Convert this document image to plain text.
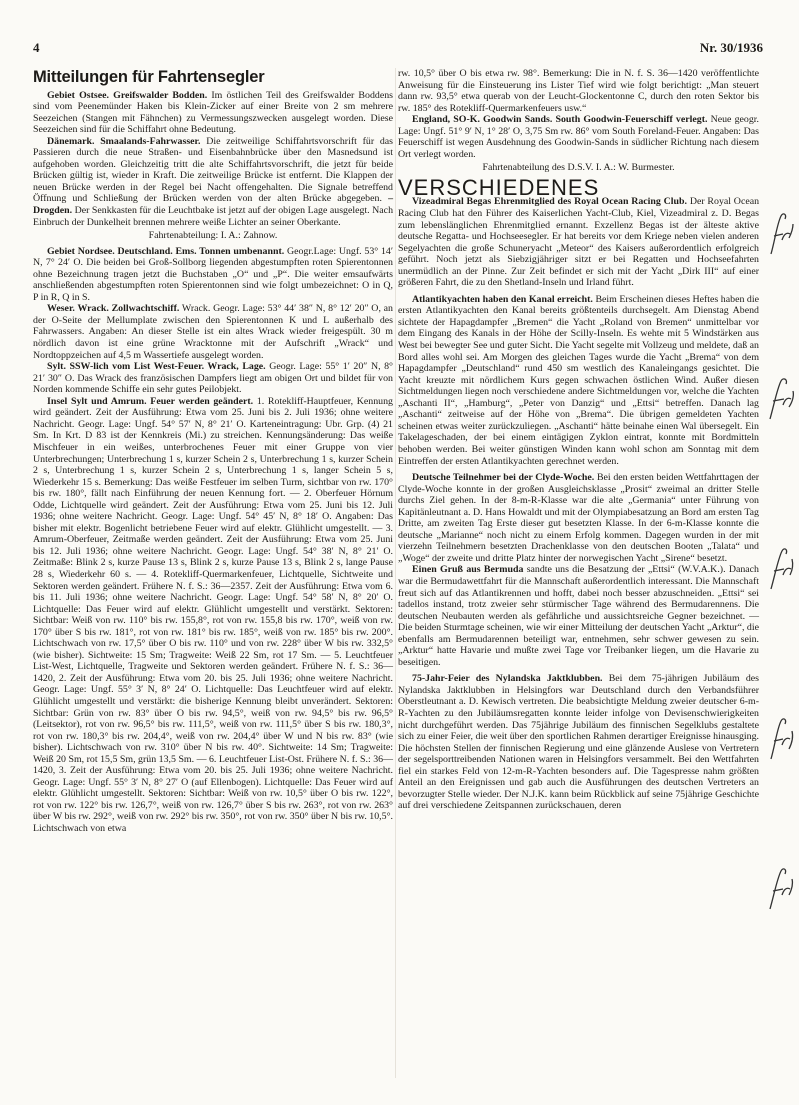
4	Nr. 30/1936
Mitteilungen für Fahrtensegler

Gebiet Ostsee. Greifswalder Bodden. Im östlichen Teil des Greifswalder Boddens sind vom Peenemünder Haken bis Klein-Zicker auf einer Breite von 2 sm mehrere Seezeichen (Stangen mit Fähnchen) zu Vermessungszwecken ausgelegt worden. Diese Seezeichen sind für die Schiffahrt ohne Bedeutung.

Dänemark. Smaalands-Fahrwasser. Die zeitweilige Schiffahrtsvorschrift für das Passieren durch die neue Straßen- und Eisenbahnbrücke über den Masnedsund ist aufgehoben worden. Gleichzeitig tritt die alte Schiffahrtsvorschrift, die jetzt für beide Brücken gültig ist, wieder in Kraft. Die zeitweilige Brücke ist entfernt. Die Klappen der neuen Brücke werden in der Regel bei Nacht offengehalten. Die Signale betreffend Öffnung und Schließung der Brücken werden von der alten Brücke abgegeben. – Drogden. Der Senkkasten für die Leuchtbake ist jetzt auf der obigen Lage ausgelegt. Nach Einbruch der Dunkelheit brennen mehrere weiße Lichter an seiner Oberkante.

Fahrtenabteilung: I. A.: Zahnow.

Gebiet Nordsee. Deutschland. Ems. Tonnen umbenannt. Geogr.Lage: Ungf. 53° 14′ N, 7° 24′ O. Die beiden bei Groß-Sollborg liegenden abgestumpften roten Spierentonnen ohne Bezeichnung tragen jetzt die Buchstaben „O“ und „P“. Die weiter emsaufwärts anschließenden abgestumpften roten Spierentonnen sind wie folgt umbezeichnet: O in Q, P in R, Q in S.

Weser. Wrack. Zollwachtschiff. Wrack. Geogr. Lage: 53° 44′ 38″ N, 8° 12′ 20″ O, an der O-Seite der Mellumplate zwischen den Spierentonnen K und L außerhalb des Fahrwassers. Angaben: An dieser Stelle ist ein altes Wrack wieder freigespült. 30 m nördlich davon ist eine grüne Wracktonne mit der Aufschrift „Wrack“ und Nordtoppzeichen auf 4,5 m Wassertiefe ausgelegt worden.

Sylt. SSW-lich vom List West-Feuer. Wrack, Lage. Geogr. Lage: 55° 1′ 20″ N, 8° 21′ 30″ O. Das Wrack des französischen Dampfers liegt am obigen Ort und bildet für von Norden kommende Schiffe ein sehr gutes Peilobjekt.

Insel Sylt und Amrum. Feuer werden geändert. 1. Rotekliff-Hauptfeuer, Kennung wird geändert. Zeit der Ausführung: Etwa vom 25. Juni bis 2. Juli 1936; ohne weitere Nachricht. Geogr. Lage: Ungf. 54° 57′ N, 8° 21′ O. Karteneintragung: Ubr. Grp. (4) 21 Sm. In Krt. D 83 ist der Kennkreis (Mi.) zu streichen. Kennungsänderung: Das weiße Mischfeuer in ein weißes, unterbrochenes Feuer mit einer Gruppe von vier Unterbrechungen; Unterbrechung 1 s, kurzer Schein 2 s, Unterbrechung 1 s, kurzer Schein 2 s, Unterbrechung 1 s, kurzer Schein 2 s, Unterbrechung 1 s, langer Schein 5 s, Wiederkehr 15 s. Bemerkung: Das weiße Festfeuer im selben Turm, sichtbar von rw. 170° bis rw. 180°, fällt nach Einführung der neuen Kennung fort. — 2. Oberfeuer Hörnum Odde, Lichtquelle wird geändert. Zeit der Ausführung: Etwa vom 25. Juni bis 12. Juli 1936; ohne weitere Nachricht. Geogr. Lage: Ungf. 54° 45′ N, 8° 18′ O. Angaben: Das bisher mit elektr. Bogenlicht betriebene Feuer wird auf elektr. Glühlicht umgestellt. — 3. Amrum-Oberfeuer, Zeitmaße werden geändert. Zeit der Ausführung: Etwa vom 25. Juni bis 12. Juli 1936; ohne weitere Nachricht. Geogr. Lage: Ungf. 54° 38′ N, 8° 21′ O. Zeitmaße: Blink 2 s, kurze Pause 13 s, Blink 2 s, kurze Pause 13 s, Blink 2 s, lange Pause 28 s, Wiederkehr 60 s. — 4. Rotekliff-Quermarkenfeuer, Lichtquelle, Sichtweite und Sektoren werden geändert. Frühere N. f. S.: 36—2357. Zeit der Ausführung: Etwa vom 6. bis 11. Juli 1936; ohne weitere Nachricht. Geogr. Lage: Ungf. 54° 58′ N, 8° 20′ O. Lichtquelle: Das Feuer wird auf elektr. Glühlicht umgestellt und verstärkt. Sektoren: Sichtbar: Weiß von rw. 110° bis rw. 155,8°, rot von rw. 155,8 bis rw. 170°, weiß von rw. 170° über S bis rw. 181°, rot von rw. 181° bis rw. 185°, weiß von rw. 185° bis rw. 200°. Lichtschwach von rw. 17,5° über O bis rw. 110° und von rw. 228° über W bis rw. 332,5° (wie bisher). Sichtweite: 15 Sm; Tragweite: Weiß 22 Sm, rot 17 Sm. — 5. Leuchtfeuer List-West, Lichtquelle, Tragweite und Sektoren werden geändert. Frühere N. f. S.: 36—1420, 2. Zeit der Ausführung: Etwa vom 20. bis 25. Juli 1936; ohne weitere Nachricht. Geogr. Lage: Ungf. 55° 3′ N, 8° 24′ O. Lichtquelle: Das Leuchtfeuer wird auf elektr. Glühlicht umgestellt und verstärkt: die bisherige Kennung bleibt unverändert. Sektoren: Sichtbar: Grün von rw. 83° über O bis rw. 94,5°, weiß von rw. 94,5° bis rw. 96,5° (Leitsektor), rot von rw. 96,5° bis rw. 111,5°, weiß von rw. 111,5° über S bis rw. 180,3°, rot von rw. 180,3° bis rw. 204,4°, weiß von rw. 204,4° über W und N bis rw. 83° (wie bisher). Lichtschwach von rw. 310° über N bis rw. 40°. Sichtweite: 14 Sm; Tragweite: Weiß 20 Sm, rot 15,5 Sm, grün 13,5 Sm. — 6. Leuchtfeuer List-Ost. Frühere N. f. S.: 36—1420, 3. Zeit der Ausführung: Etwa vom 20. bis 25. Juli 1936; ohne weitere Nachricht. Geogr. Lage: Ungf. 55° 3′ N, 8° 27′ O (auf Ellenbogen). Lichtquelle: Das Feuer wird auf elektr. Glühlicht umgestellt. Sektoren: Sichtbar: Weiß von rw. 10,5° über O bis rw. 122°, rot von rw. 122° bis rw. 126,7°, weiß von rw. 126,7° über S bis rw. 263°, rot von rw. 263° über W bis rw. 292°, weiß von rw. 292° bis rw. 350°, rot von rw. 350° über N bis rw. 10,5°. Lichtschwach von etwa

rw. 10,5° über O bis etwa rw. 98°. Bemerkung: Die in N. f. S. 36—1420 veröffentlichte Anweisung für die Einsteuerung ins Lister Tief wird wie folgt berichtigt: „Man steuert dann rw. 93,5° etwa querab von der Leucht-Glockentonne C, durch den roten Sektor bis rw. 185° des Rotekliff-Quermarkenfeuers usw.“

England, SO-K. Goodwin Sands. South Goodwin-Feuerschiff verlegt. Neue geogr. Lage: Ungf. 51° 9′ N, 1° 28′ O, 3,75 Sm rw. 86° vom South Foreland-Feuer. Angaben: Das Feuerschiff ist wegen Ausdehnung des Goodwin-Sands in südlicher Richtung nach diesem Ort verlegt worden.

Fahrtenabteilung des D.S.V. I. A.: W. Burmester.

VERSCHIEDENES

Vizeadmiral Begas Ehrenmitglied des Royal Ocean Racing Club. Der Royal Ocean Racing Club hat den Führer des Kaiserlichen Yacht-Club, Kiel, Vizeadmiral z. D. Begas zum lebenslänglichen Ehrenmitglied ernannt. Exzellenz Begas ist der älteste aktive deutsche Regatta- und Hochseesegler. Er hat bereits vor dem Kriege neben vielen anderen Segelyachten die große Schuneryacht „Meteor“ des Kaisers außerordentlich erfolgreich geführt. Noch jetzt als Siebzigjähriger sitzt er bei Regatten und Hochseefahrten unermüdlich an der Pinne. Zur Zeit befindet er sich mit der Yacht „Dirk III“ auf einer größeren Fahrt, die zu den Shetland-Inseln und Irland führt.

Atlantikyachten haben den Kanal erreicht. Beim Erscheinen dieses Heftes haben die ersten Atlantikyachten den Kanal bereits größtenteils durchsegelt. Am Dienstag Abend sichtete der Hapagdampfer „Bremen“ die Yacht „Roland von Bremen“ unmittelbar vor dem Eingang des Kanals in der Höhe der Scilly-Inseln. Es wehte mit 5 Windstärken aus West bei bewegter See und guter Sicht. Die Yacht segelte mit Vollzeug und meldete, daß an Bord alles wohl sei. Am Morgen des gleichen Tages wurde die Yacht „Brema“ von dem Hapagdampfer „Deutschland“ rund 450 sm westlich des Kanaleingangs gesichtet. Die Yacht kreuzte mit nördlichem Kurs gegen schwachen östlichen Wind. Außer diesen Sichtmeldungen liegen noch verschiedene andere Sichtmeldungen vor, welche die Yachten „Aschanti II“, „Hamburg“, „Peter von Danzig“ und „Ettsi“ betreffen. Danach lag „Aschanti“ zeitweise auf der Höhe von „Brema“. Die übrigen gemeldeten Yachten scheinen etwas weiter zurückzuliegen. „Aschanti“ hätte beinahe einen Wal übersegelt. Ein Takelageschaden, der bei einem eintägigen Zyklon eintrat, konnte mit Bordmitteln behoben werden. Bei weiter günstigen Winden kann wohl schon am Sonntag mit dem Eintreffen der ersten Atlantikyachten gerechnet werden.

Deutsche Teilnehmer bei der Clyde-Woche. Bei den ersten beiden Wettfahrttagen der Clyde-Woche konnte in der großen Ausgleichsklasse „Prosit“ zweimal an dritter Stelle durchs Ziel gehen. In der 8-m-R-Klasse war die alte „Germania“ unter Führung von Kapitänleutnant a. D. Hans Howaldt und mit der Olympiabesatzung an Bord am ersten Tag Dritte, am zweiten Tag Erste dieser gut besetzten Klasse. In der 6-m-Klasse konnte die deutsche „Marianne“ noch nicht zu einem Erfolg kommen. Dagegen wurden in der mit vierzehn Teilnehmern besetzten Drachenklasse von den deutschen Booten „Talata“ und „Woge“ der zweite und dritte Platz hinter der norwegischen Yacht „Sirene“ besetzt.

Einen Gruß aus Bermuda sandte uns die Besatzung der „Ettsi“ (W.V.A.K.). Danach war die Bermudawettfahrt für die Mannschaft außerordentlich interessant. Die Mannschaft freut sich auf das Atlantikrennen und hofft, dabei noch besser abzuschneiden. „Ettsi“ sei tadellos instand, trotz zweier sehr stürmischer Tage während des Bermudarennens. Die deutschen Neubauten werden als gefährliche und aussichtsreiche Gegner bezeichnet. — Die beiden Sturmtage scheinen, wie wir einer Mitteilung der deutschen Yacht „Arktur“, die ebenfalls am Bermudarennen beteiligt war, entnehmen, sehr schwer gewesen zu sein. „Arktur“ hatte Havarie und mußte zwei Tage vor Treibanker liegen, um die Havarie zu beseitigen.

75-Jahr-Feier des Nylandska Jaktklubben. Bei dem 75-jährigen Jubiläum des Nylandska Jaktklubben in Helsingfors war Deutschland durch den Verbandsführer Oberstleutnant a. D. Kewisch vertreten. Die beabsichtigte Meldung zweier deutscher 6-m-R-Yachten zu den Jubiläumsregatten konnte leider infolge von Devisenschwierigkeiten nicht durchgeführt werden. Das 75jährige Jubiläum des finnischen Segelklubs gestaltete sich zu einer Feier, die weit über den sportlichen Rahmen derartiger Ereignisse hinausging. Die höchsten Stellen der finnischen Regierung und eine glänzende Auslese von Vertretern der segelsporttreibenden Nationen waren in Helsingfors versammelt. Bei den Wettfahrten fiel ein starkes Feld von 12-m-R-Yachten besonders auf. Die Tagespresse nahm größten Anteil an den Ereignissen und gab auch die Ausführungen des deutschen Vertreters an bevorzugter Stelle wieder. Der N.J.K. kann beim Rückblick auf seine 75jährige Geschichte auf drei verschiedene Zeitspannen zurückschauen, deren
